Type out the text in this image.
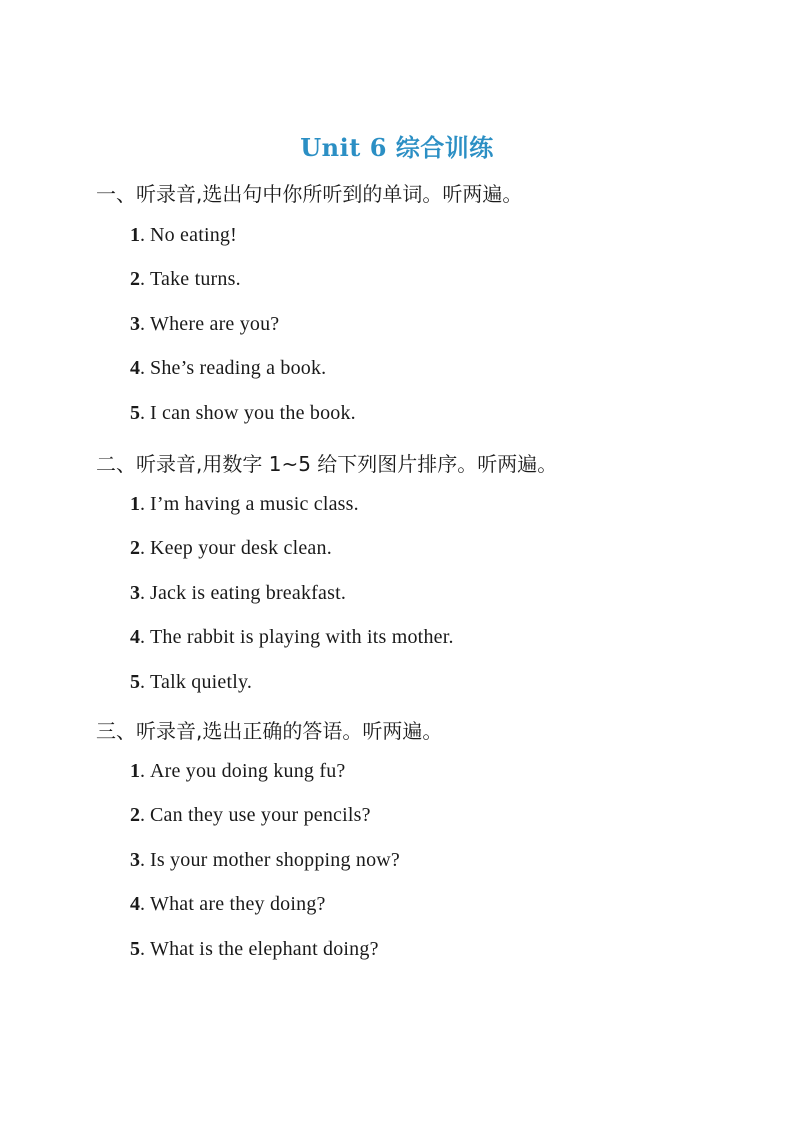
Unit 6 综合训练
一、听录音,选出句中你所听到的单词。听两遍。
1. No eating!
2. Take turns.
3. Where are you?
4. She’s reading a book.
5. I can show you the book.
二、听录音,用数字 1~5 给下列图片排序。听两遍。
1. I’m having a music class.
2. Keep your desk clean.
3. Jack is eating breakfast.
4. The rabbit is playing with its mother.
5. Talk quietly.
三、听录音,选出正确的答语。听两遍。
1. Are you doing kung fu?
2. Can they use your pencils?
3. Is your mother shopping now?
4. What are they doing?
5. What is the elephant doing?
